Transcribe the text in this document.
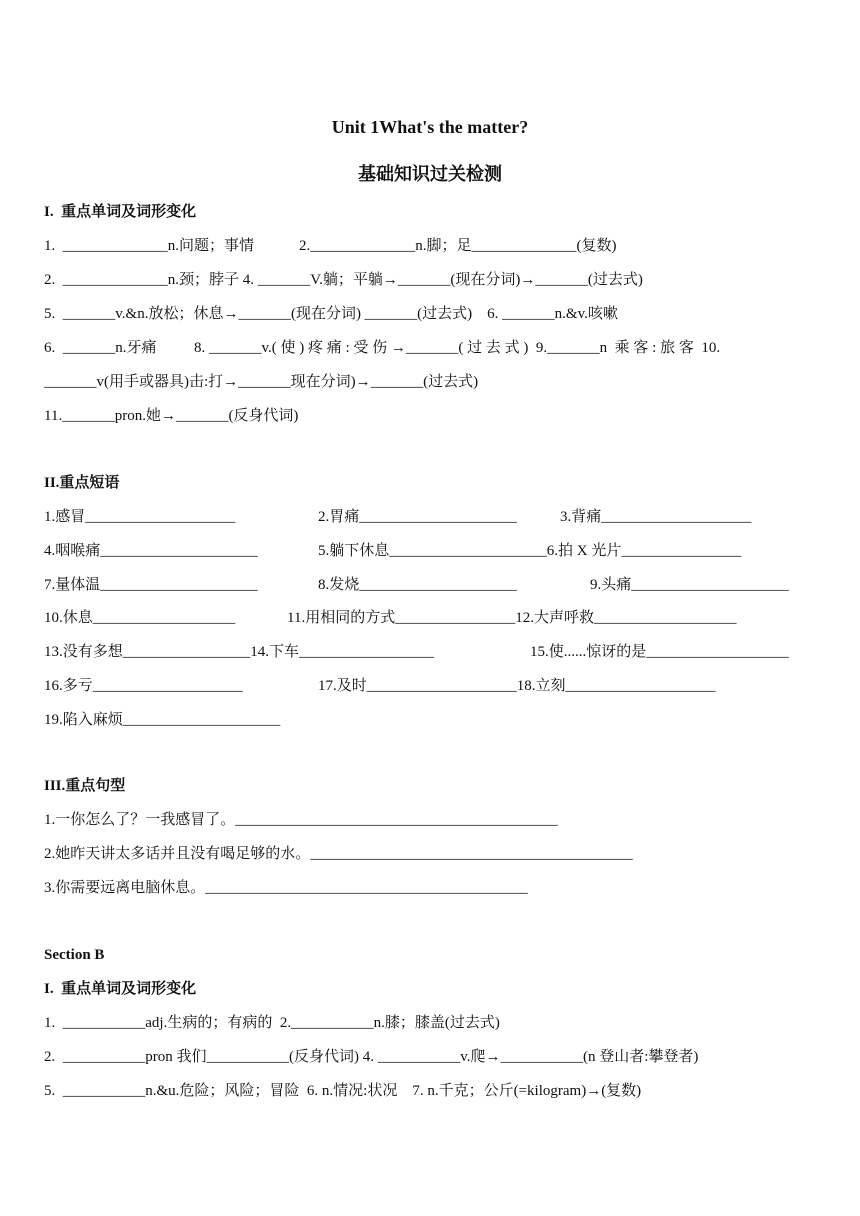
Unit 1What's the matter?
基础知识过关检测
I.  重点单词及词形变化
1.  ______________n.问题；事情            2.______________n.脚；足______________(复数)
2.  ______________n.颈；脖子 4. _______V.躺；平躺→_______(现在分词)→_______(过去式)
5.  _______v.&n.放松；休息→_______(现在分词) _______(过去式)    6. _______n.&v.咳嗽
6.  _______n.牙痛          8. _______v.( 使 ) 疼 痛 : 受 伤 →_______( 过 去 式 )  9._______n  乘 客 : 旅 客  10.
_______v(用手或器具)击:打→_______现在分词)→_______(过去式)
11._______pron.她→_______(反身代词)
II.重点短语
1.感冒____________________	2.胃痛_____________________	3.背痛____________________
4.咽喉痛_____________________	5.躺下休息_____________________6.拍 X 光片________________
7.量体温_____________________	8.发烧_____________________	9.头痛_____________________
10.休息___________________	11.用相同的方式________________12.大声呼救___________________
13.没有多想_________________14.下车__________________	15.使......惊讶的是___________________
16.多亏____________________	17.及时____________________18.立刻____________________
19.陷入麻烦_____________________
III.重点句型
1.一你怎么了？一我感冒了。___________________________________________
2.她昨天讲太多话并且没有喝足够的水。___________________________________________
3.你需要远离电脑休息。___________________________________________
Section B
I.  重点单词及词形变化
1.  ___________adj.生病的；有病的  2.___________n.膝；膝盖(过去式)
2.  ___________pron 我们___________(反身代词) 4. ___________v.爬→___________(n 登山者:攀登者)
5.  ___________n.&u.危险；风险；冒险  6. n.情况:状况    7. n.千克；公斤(=kilogram)→(复数)
